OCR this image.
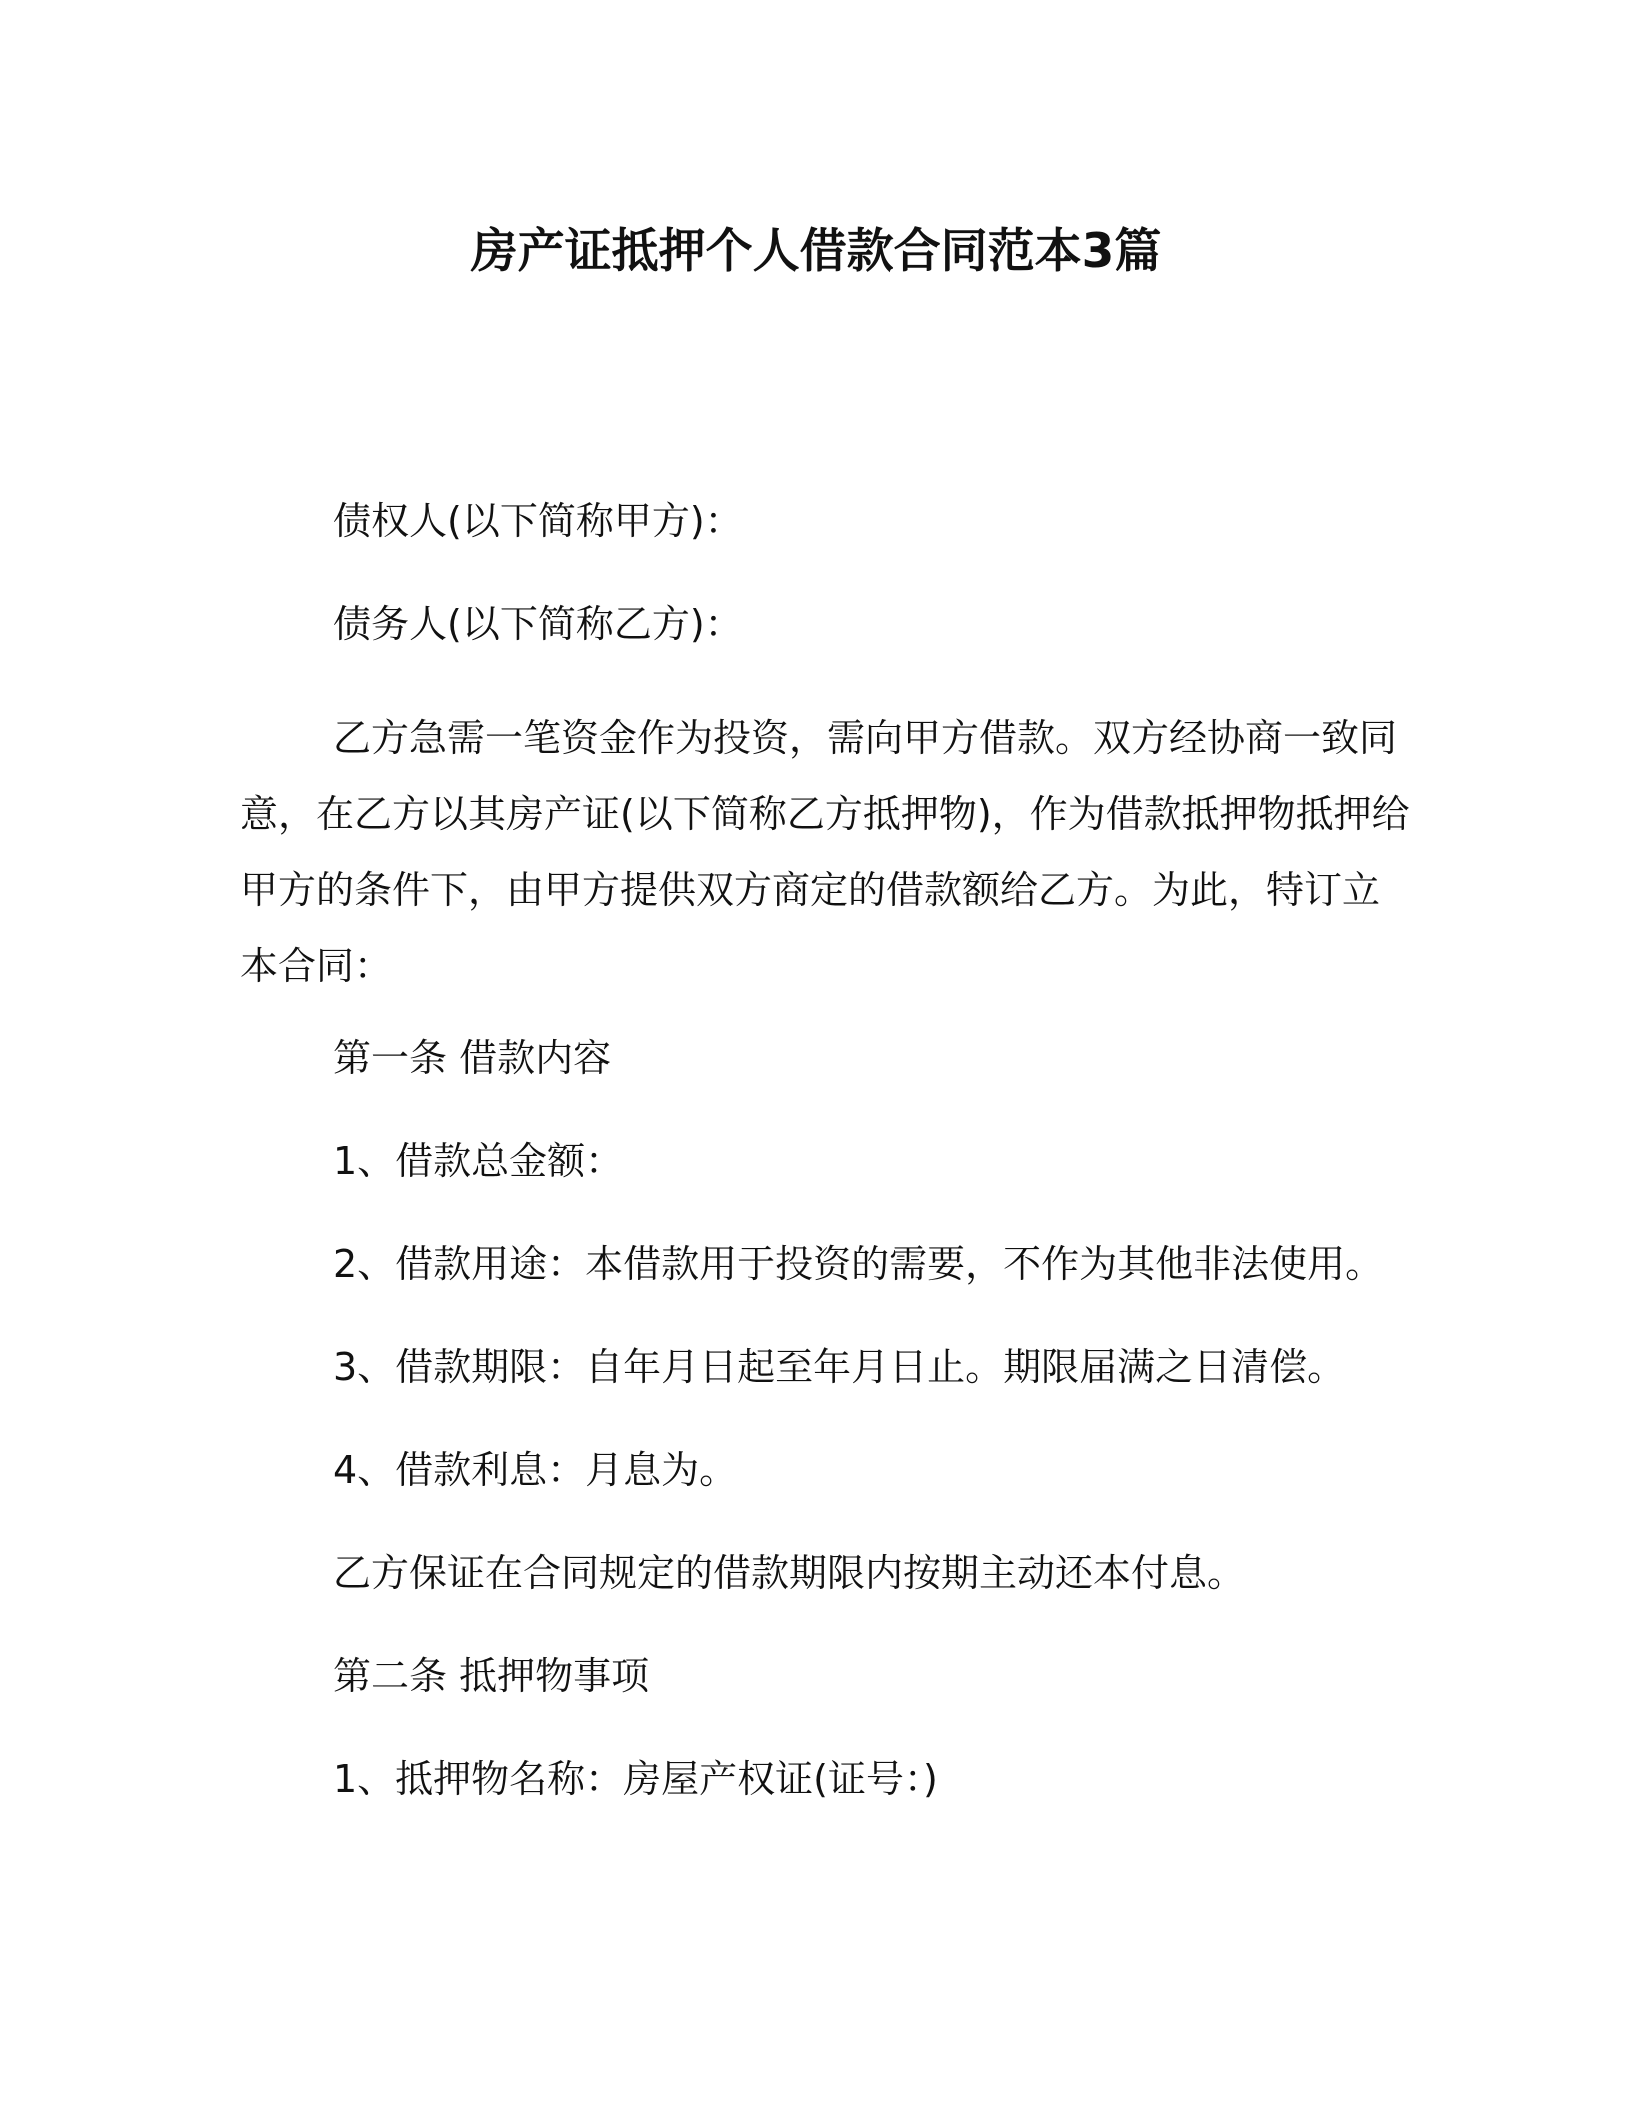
房产证抵押个人借款合同范本3篇
债权人(以下简称甲方)：
债务人(以下简称乙方)：
乙方急需一笔资金作为投资，需向甲方借款。双方经协商一致同
意，在乙方以其房产证(以下简称乙方抵押物)，作为借款抵押物抵押给
甲方的条件下，由甲方提供双方商定的借款额给乙方。为此，特订立
本合同：
第一条 借款内容
1、借款总金额：
2、借款用途：本借款用于投资的需要，不作为其他非法使用。
3、借款期限：自年月日起至年月日止。期限届满之日清偿。
4、借款利息：月息为。
乙方保证在合同规定的借款期限内按期主动还本付息。
第二条 抵押物事项
1、抵押物名称：房屋产权证(证号：)
